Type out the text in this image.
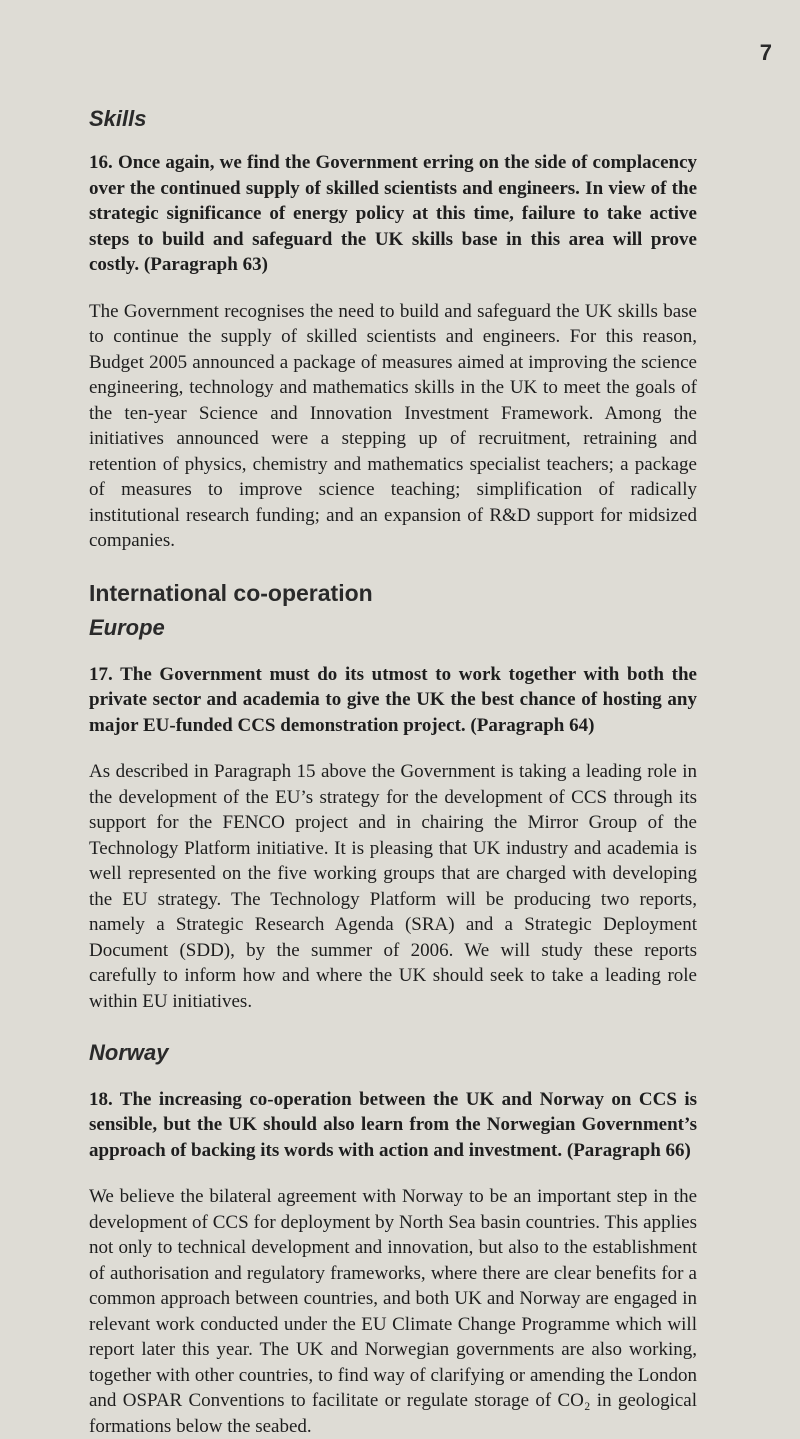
7
Skills

16. Once again, we find the Government erring on the side of complacency over the continued supply of skilled scientists and engineers. In view of the strategic significance of energy policy at this time, failure to take active steps to build and safeguard the UK skills base in this area will prove costly. (Paragraph 63)

The Government recognises the need to build and safeguard the UK skills base to continue the supply of skilled scientists and engineers. For this reason, Budget 2005 announced a package of measures aimed at improving the science engineering, technology and mathematics skills in the UK to meet the goals of the ten-year Science and Innovation Investment Framework. Among the initiatives announced were a stepping up of recruitment, retraining and retention of physics, chemistry and mathematics specialist teachers; a package of measures to improve science teaching; simplification of radically institutional research funding; and an expansion of R&D support for midsized companies.

International co-operation
Europe

17. The Government must do its utmost to work together with both the private sector and academia to give the UK the best chance of hosting any major EU-funded CCS demonstration project. (Paragraph 64)

As described in Paragraph 15 above the Government is taking a leading role in the development of the EU’s strategy for the development of CCS through its support for the FENCO project and in chairing the Mirror Group of the Technology Platform initiative. It is pleasing that UK industry and academia is well represented on the five working groups that are charged with developing the EU strategy. The Technology Platform will be producing two reports, namely a Strategic Research Agenda (SRA) and a Strategic Deployment Document (SDD), by the summer of 2006. We will study these reports carefully to inform how and where the UK should seek to take a leading role within EU initiatives.

Norway

18. The increasing co-operation between the UK and Norway on CCS is sensible, but the UK should also learn from the Norwegian Government’s approach of backing its words with action and investment. (Paragraph 66)

We believe the bilateral agreement with Norway to be an important step in the development of CCS for deployment by North Sea basin countries. This applies not only to technical development and innovation, but also to the establishment of authorisation and regulatory frameworks, where there are clear benefits for a common approach between countries, and both UK and Norway are engaged in relevant work conducted under the EU Climate Change Programme which will report later this year. The UK and Norwegian governments are also working, together with other countries, to find way of clarifying or amending the London and OSPAR Conventions to facilitate or regulate storage of CO₂ in geological formations below the seabed.
